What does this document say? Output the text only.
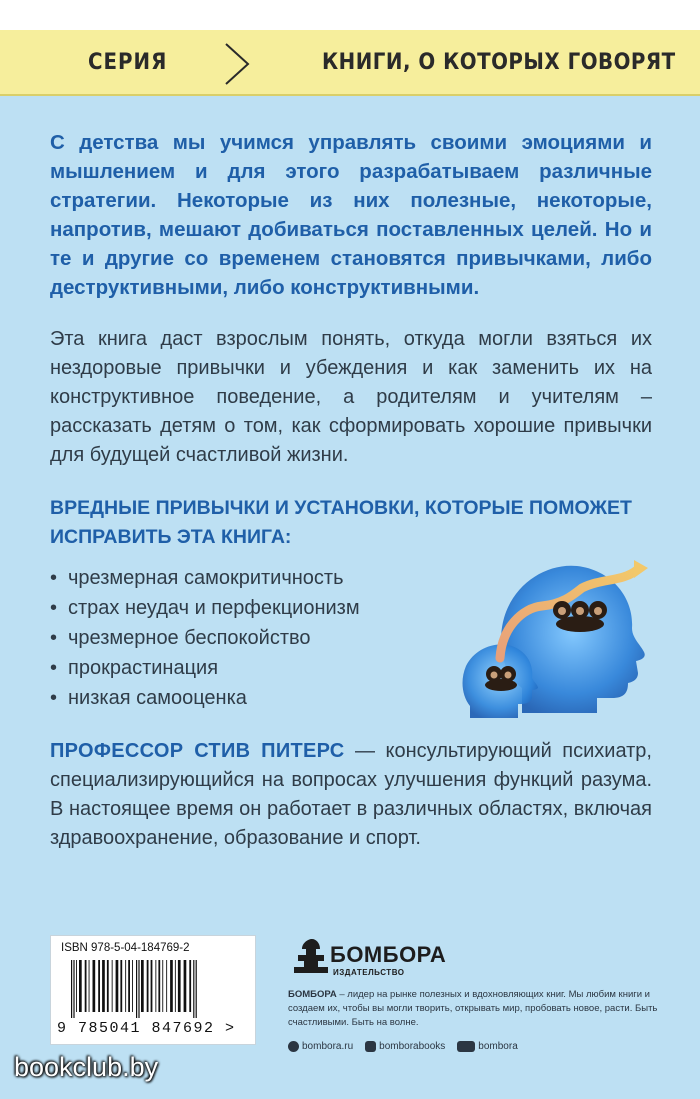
СЕРИЯ	КНИГИ, О КОТОРЫХ ГОВОРЯТ

С детства мы учимся управлять своими эмоциями и мышлением и для этого разрабатываем различные стратегии. Некоторые из них полезные, некоторые, напротив, мешают добиваться поставленных целей. Но и те и другие со временем становятся привычками, либо деструктивными, либо конструктивными.

Эта книга даст взрослым понять, откуда могли взяться их нездоровые привычки и убеждения и как заменить их на конструктивное поведение, а родителям и учителям – рассказать детям о том, как сформировать хорошие привычки для будущей счастливой жизни.

ВРЕДНЫЕ ПРИВЫЧКИ И УСТАНОВКИ, КОТОРЫЕ ПОМОЖЕТ ИСПРАВИТЬ ЭТА КНИГА:
• чрезмерная самокритичность
• страх неудач и перфекционизм
• чрезмерное беспокойство
• прокрастинация
• низкая самооценка

ПРОФЕССОР СТИВ ПИТЕРС — консультирующий психиатр, специализирующийся на вопросах улучшения функций разума. В настоящее время он работает в различных областях, включая здравоохранение, образование и спорт.

ISBN 978-5-04-184769-2
9 785041 847692 >
БОМБОРА
ИЗДАТЕЛЬСТВО

БОМБОРА – лидер на рынке полезных и вдохновляющих книг. Мы любим книги и создаем их, чтобы вы могли творить, открывать мир, пробовать новое, расти. Быть счастливыми. Быть на волне.

bombora.ru	bomborabooks	bombora
bookclub.by
